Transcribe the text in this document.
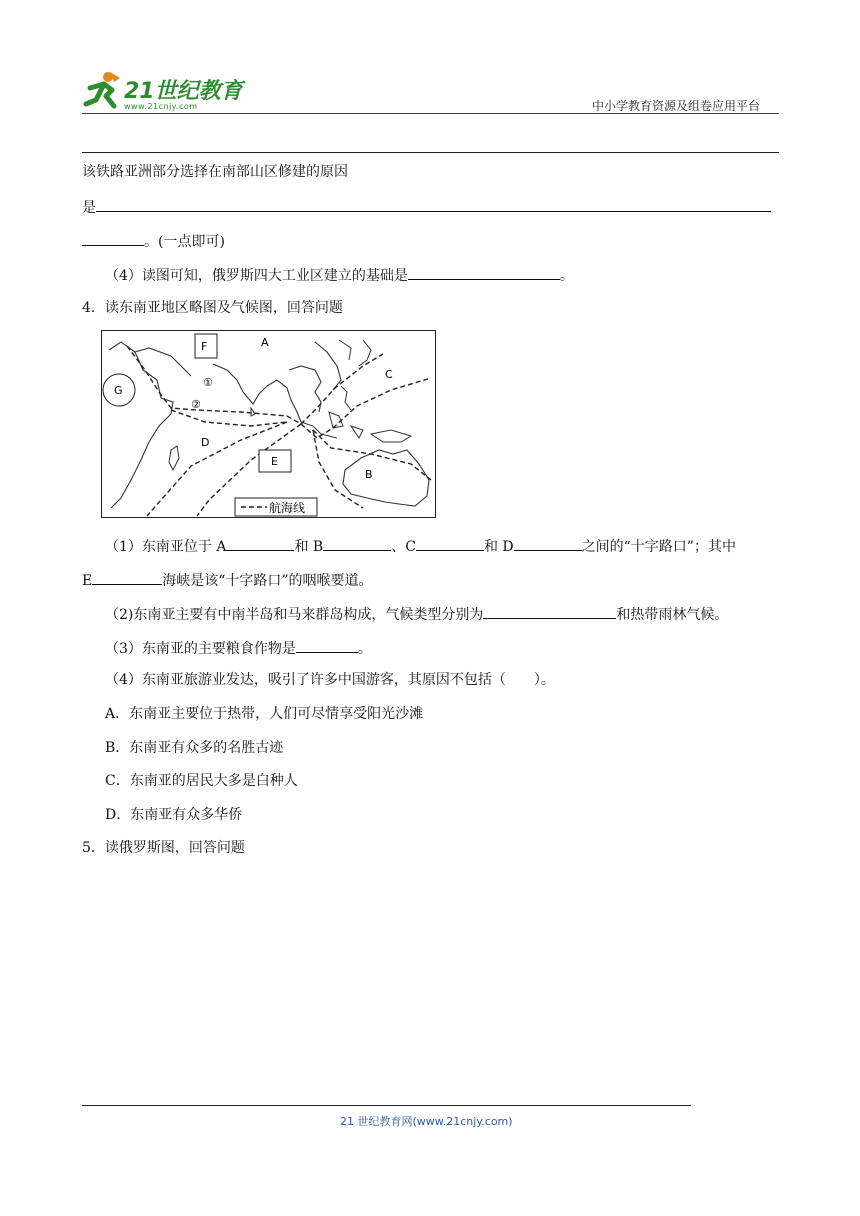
21世纪教育
www.21cnjy.com	中小学教育资源及组卷应用平台
该铁路亚洲部分选择在南部山区修建的原因
是
。(一点即可)
（4）读图可知，俄罗斯四大工业区建立的基础是	。
4．读东南亚地区略图及气候图，回答问题
F
E
G
A
B
C
D
①
②
航海线
（1）东南亚位于 A	和 B	、C	和 D	之间的“十字路口”；其中
E	海峡是该“十字路口”的咽喉要道。
（2)东南亚主要有中南半岛和马来群岛构成，气候类型分别为	和热带雨林气候。
（3）东南亚的主要粮食作物是	。
（4）东南亚旅游业发达，吸引了许多中国游客，其原因不包括（　　）。
A．东南亚主要位于热带，人们可尽情享受阳光沙滩
B．东南亚有众多的名胜古迹
C．东南亚的居民大多是白种人
D．东南亚有众多华侨
5．读俄罗斯图，回答问题
21 世纪教育网(www.21cnjy.com)
